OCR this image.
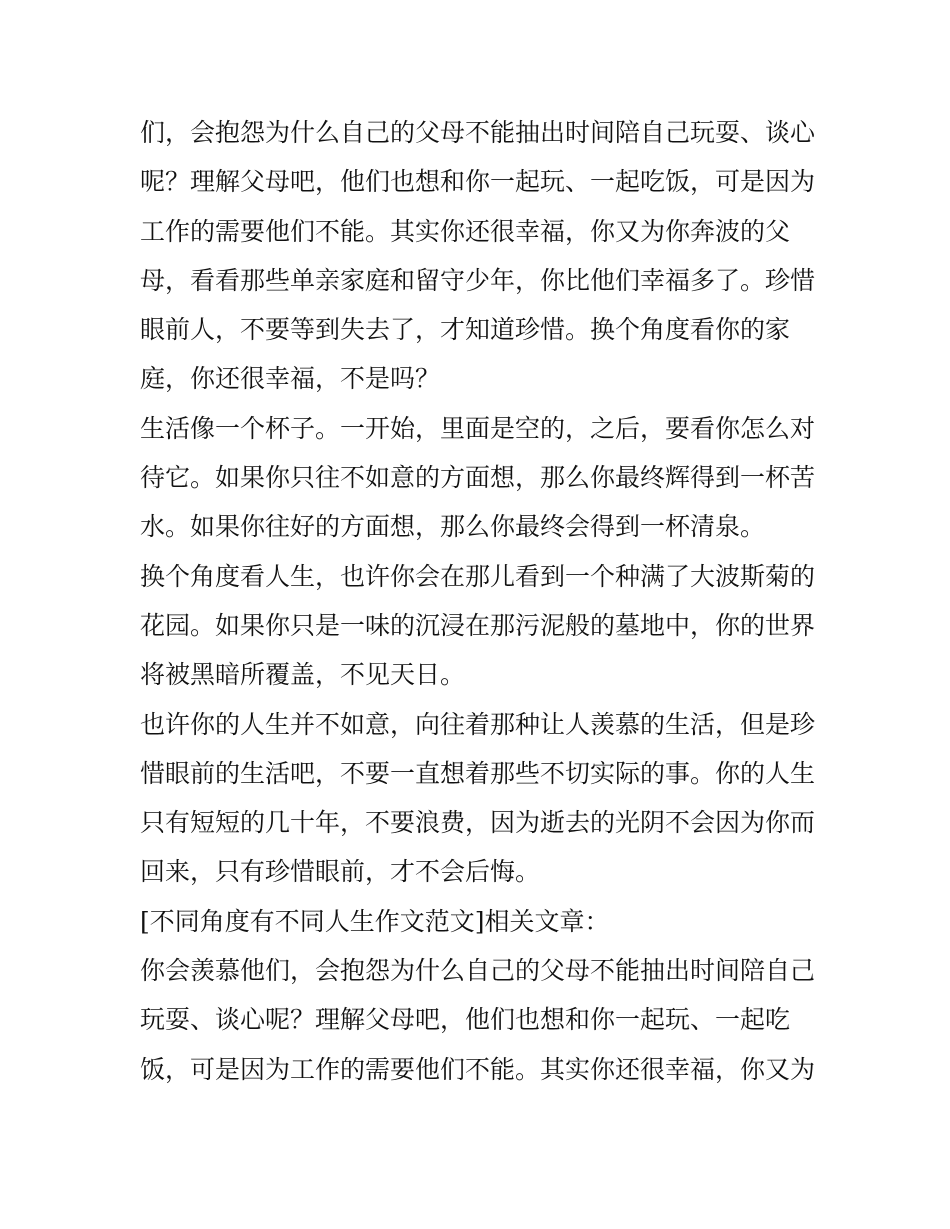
们，会抱怨为什么自己的父母不能抽出时间陪自己玩耍、谈心
呢？理解父母吧，他们也想和你一起玩、一起吃饭，可是因为
工作的需要他们不能。其实你还很幸福，你又为你奔波的父
母，看看那些单亲家庭和留守少年，你比他们幸福多了。珍惜
眼前人，不要等到失去了，才知道珍惜。换个角度看你的家
庭，你还很幸福，不是吗？
生活像一个杯子。一开始，里面是空的，之后，要看你怎么对
待它。如果你只往不如意的方面想，那么你最终辉得到一杯苦
水。如果你往好的方面想，那么你最终会得到一杯清泉。
换个角度看人生，也许你会在那儿看到一个种满了大波斯菊的
花园。如果你只是一味的沉浸在那污泥般的墓地中，你的世界
将被黑暗所覆盖，不见天日。
也许你的人生并不如意，向往着那种让人羡慕的生活，但是珍
惜眼前的生活吧，不要一直想着那些不切实际的事。你的人生
只有短短的几十年，不要浪费，因为逝去的光阴不会因为你而
回来，只有珍惜眼前，才不会后悔。
[不同角度有不同人生作文范文]相关文章：
你会羡慕他们，会抱怨为什么自己的父母不能抽出时间陪自己
玩耍、谈心呢？理解父母吧，他们也想和你一起玩、一起吃
饭，可是因为工作的需要他们不能。其实你还很幸福，你又为
